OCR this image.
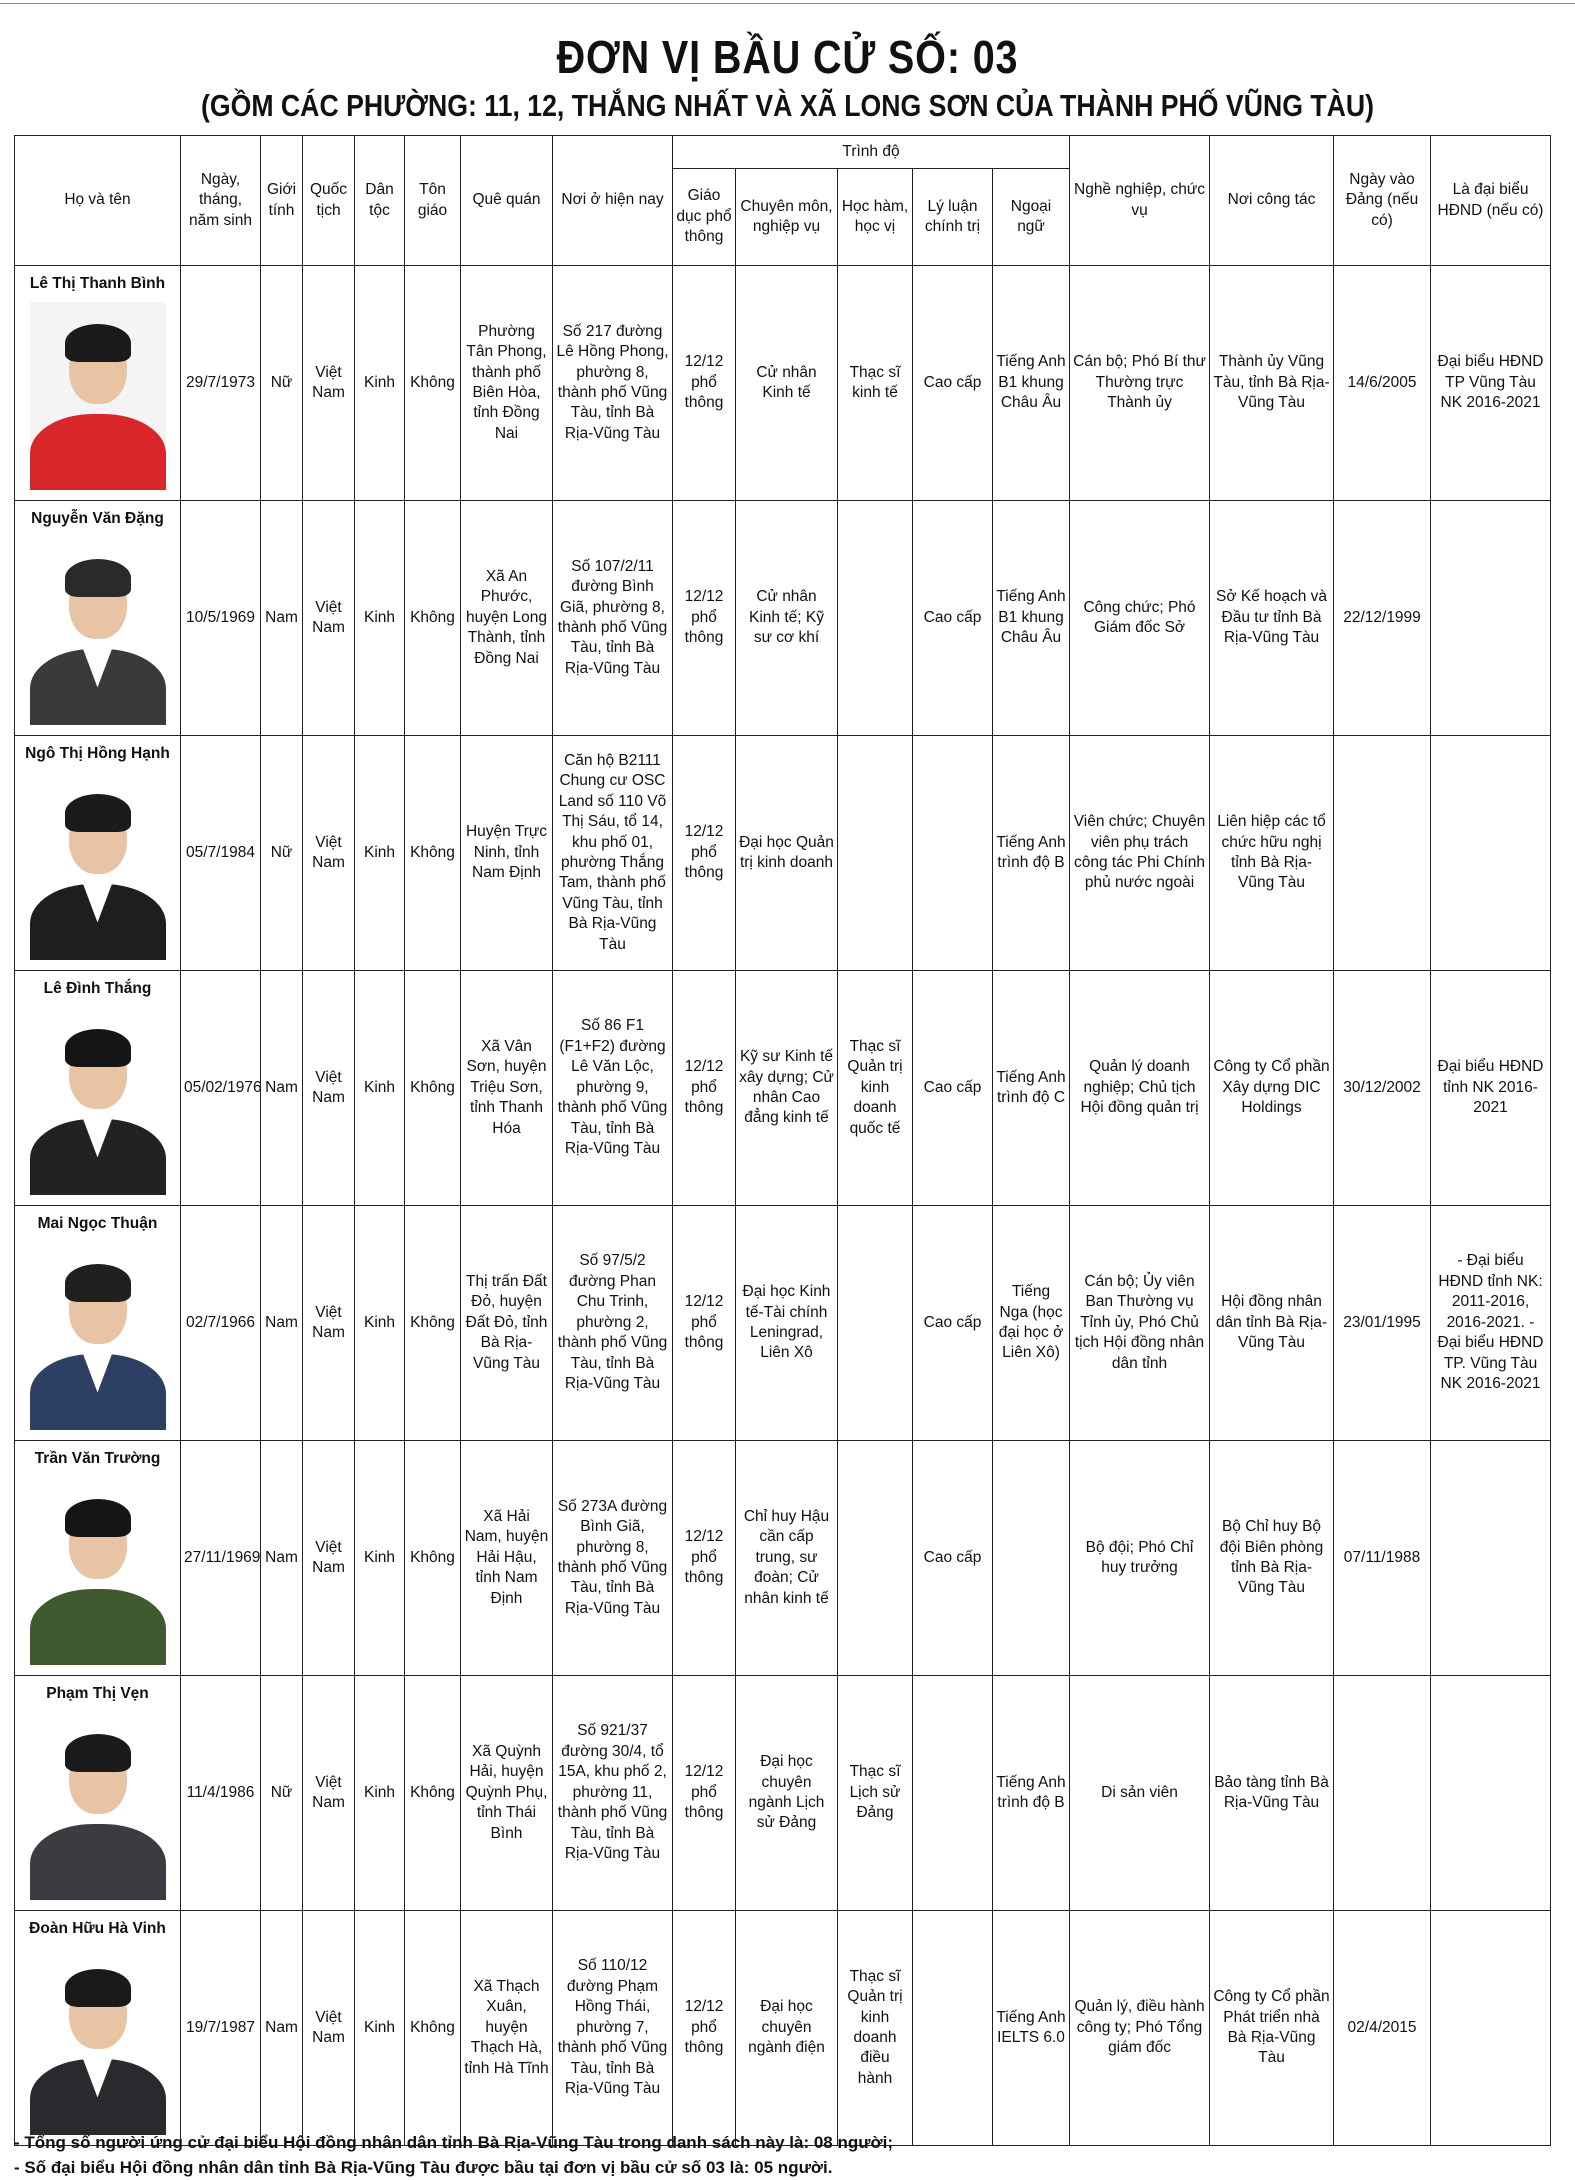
ĐƠN VỊ BẦU CỬ SỐ: 03
(GỒM CÁC PHƯỜNG: 11, 12, THẮNG NHẤT VÀ XÃ LONG SƠN CỦA THÀNH PHỐ VŨNG TÀU)
Họ và tên	Ngày, tháng, năm sinh	Giới tính	Quốc tịch	Dân tộc	Tôn giáo	Quê quán	Nơi ở hiện nay	Trình độ					Nghề nghiệp, chức vụ	Nơi công tác	Ngày vào Đảng (nếu có)	Là đại biểu HĐND (nếu có)
								Giáo dục phổ thông	Chuyên môn, nghiệp vụ	Học hàm, học vị	Lý luận chính trị	Ngoại ngữ				

Lê Thị Thanh Bình	29/7/1973	Nữ	Việt Nam	Kinh	Không	Phường Tân Phong, thành phố Biên Hòa, tỉnh Đồng Nai	Số 217 đường Lê Hồng Phong, phường 8, thành phố Vũng Tàu, tỉnh Bà Rịa-Vũng Tàu	12/12 phổ thông	Cử nhân Kinh tế	Thạc sĩ kinh tế	Cao cấp	Tiếng Anh B1 khung Châu Âu	Cán bộ; Phó Bí thư Thường trực Thành ủy	Thành ủy Vũng Tàu, tỉnh Bà Rịa-Vũng Tàu	14/6/2005	Đại biểu HĐND TP Vũng Tàu NK 2016-2021

Nguyễn Văn Đặng	10/5/1969	Nam	Việt Nam	Kinh	Không	Xã An Phước, huyện Long Thành, tỉnh Đồng Nai	Số 107/2/11 đường Bình Giã, phường 8, thành phố Vũng Tàu, tỉnh Bà Rịa-Vũng Tàu	12/12 phổ thông	Cử nhân Kinh tế; Kỹ sư cơ khí		Cao cấp	Tiếng Anh B1 khung Châu Âu	Công chức; Phó Giám đốc Sở	Sở Kế hoạch và Đầu tư tỉnh Bà Rịa-Vũng Tàu	22/12/1999	

Ngô Thị Hồng Hạnh	05/7/1984	Nữ	Việt Nam	Kinh	Không	Huyện Trực Ninh, tỉnh Nam Định	Căn hộ B2111 Chung cư OSC Land số 110 Võ Thị Sáu, tổ 14, khu phố 01, phường Thắng Tam, thành phố Vũng Tàu, tỉnh Bà Rịa-Vũng Tàu	12/12 phổ thông	Đại học Quản trị kinh doanh			Tiếng Anh trình độ B	Viên chức; Chuyên viên phụ trách công tác Phi Chính phủ nước ngoài	Liên hiệp các tổ chức hữu nghị tỉnh Bà Rịa-Vũng Tàu		

Lê Đình Thắng	05/02/1976	Nam	Việt Nam	Kinh	Không	Xã Vân Sơn, huyện Triệu Sơn, tỉnh Thanh Hóa	Số 86 F1 (F1+F2) đường Lê Văn Lộc, phường 9, thành phố Vũng Tàu, tỉnh Bà Rịa-Vũng Tàu	12/12 phổ thông	Kỹ sư Kinh tế xây dựng; Cử nhân Cao đẳng kinh tế	Thạc sĩ Quản trị kinh doanh quốc tế	Cao cấp	Tiếng Anh trình độ C	Quản lý doanh nghiệp; Chủ tịch Hội đồng quản trị	Công ty Cổ phần Xây dựng DIC Holdings	30/12/2002	Đại biểu HĐND tỉnh NK 2016-2021

Mai Ngọc Thuận	02/7/1966	Nam	Việt Nam	Kinh	Không	Thị trấn Đất Đỏ, huyện Đất Đỏ, tỉnh Bà Rịa-Vũng Tàu	Số 97/5/2 đường Phan Chu Trinh, phường 2, thành phố Vũng Tàu, tỉnh Bà Rịa-Vũng Tàu	12/12 phổ thông	Đại học Kinh tế-Tài chính Leningrad, Liên Xô		Cao cấp	Tiếng Nga (học đại học ở Liên Xô)	Cán bộ; Ủy viên Ban Thường vụ Tỉnh ủy, Phó Chủ tịch Hội đồng nhân dân tỉnh	Hội đồng nhân dân tỉnh Bà Rịa-Vũng Tàu	23/01/1995	- Đại biểu HĐND tỉnh NK: 2011-2016, 2016-2021. - Đại biểu HĐND TP. Vũng Tàu NK 2016-2021

Trần Văn Trường	27/11/1969	Nam	Việt Nam	Kinh	Không	Xã Hải Nam, huyện Hải Hậu, tỉnh Nam Định	Số 273A đường Bình Giã, phường 8, thành phố Vũng Tàu, tỉnh Bà Rịa-Vũng Tàu	12/12 phổ thông	Chỉ huy Hậu cần cấp trung, sư đoàn; Cử nhân kinh tế		Cao cấp		Bộ đội; Phó Chỉ huy trưởng	Bộ Chỉ huy Bộ đội Biên phòng tỉnh Bà Rịa-Vũng Tàu	07/11/1988	

Phạm Thị Vẹn	11/4/1986	Nữ	Việt Nam	Kinh	Không	Xã Quỳnh Hải, huyện Quỳnh Phụ, tỉnh Thái Bình	Số 921/37 đường 30/4, tổ 15A, khu phố 2, phường 11, thành phố Vũng Tàu, tỉnh Bà Rịa-Vũng Tàu	12/12 phổ thông	Đại học chuyên ngành Lịch sử Đảng	Thạc sĩ Lịch sử Đảng		Tiếng Anh trình độ B	Di sản viên	Bảo tàng tỉnh Bà Rịa-Vũng Tàu		

Đoàn Hữu Hà Vinh	19/7/1987	Nam	Việt Nam	Kinh	Không	Xã Thạch Xuân, huyện Thạch Hà, tỉnh Hà Tĩnh	Số 110/12 đường Phạm Hồng Thái, phường 7, thành phố Vũng Tàu, tỉnh Bà Rịa-Vũng Tàu	12/12 phổ thông	Đại học chuyên ngành điện	Thạc sĩ Quản trị kinh doanh điều hành		Tiếng Anh IELTS 6.0	Quản lý, điều hành công ty; Phó Tổng giám đốc	Công ty Cổ phần Phát triển nhà Bà Rịa-Vũng Tàu	02/4/2015	
- Tổng số người ứng cử đại biểu Hội đồng nhân dân tỉnh Bà Rịa-Vũng Tàu trong danh sách này là: 08 người;
- Số đại biểu Hội đồng nhân dân tỉnh Bà Rịa-Vũng Tàu được bầu tại đơn vị bầu cử số 03 là: 05 người.
